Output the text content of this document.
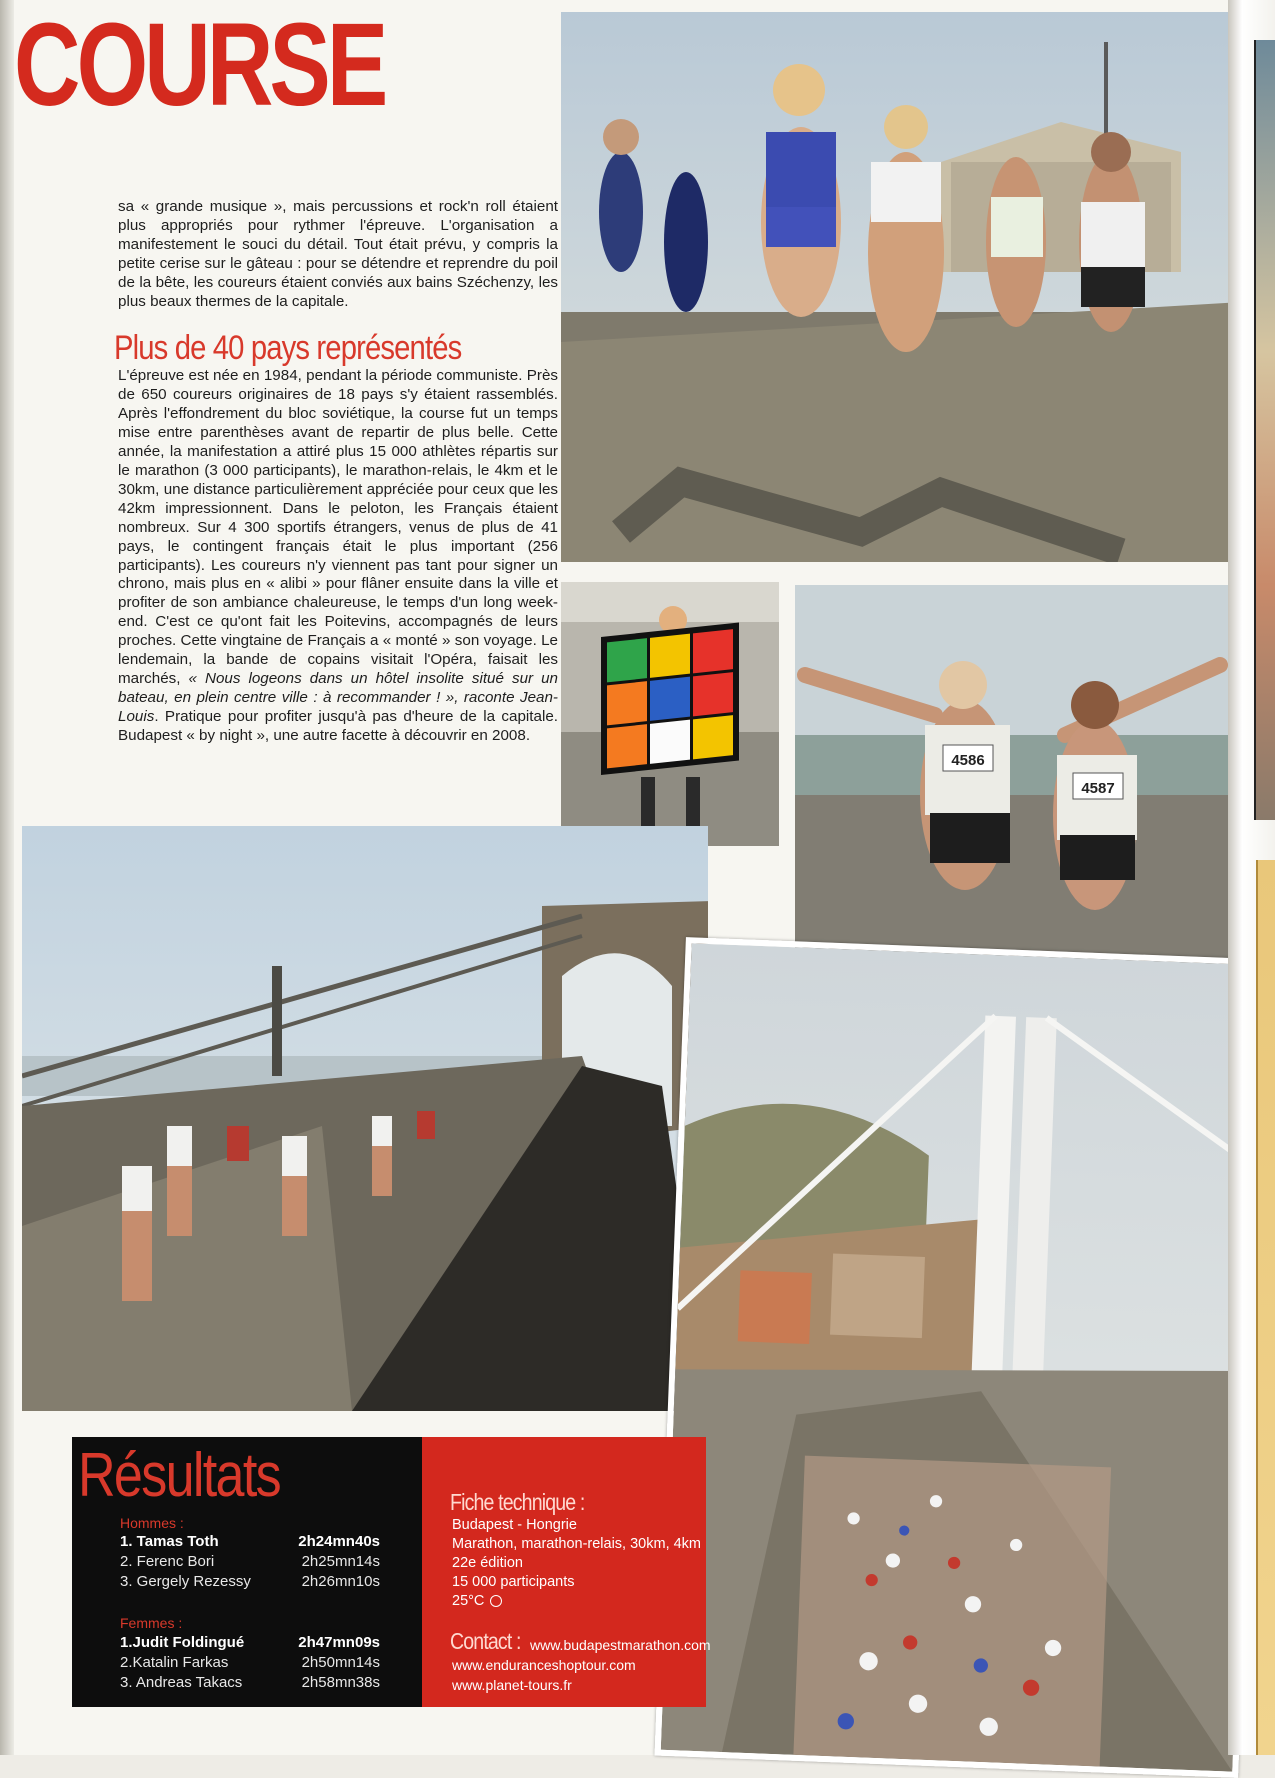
COURSE
4586
4587

sa « grande musique », mais percussions et rock'n roll étaient plus appropriés pour rythmer l'épreuve. L'organisation a manifestement le souci du détail. Tout était prévu, y compris la petite cerise sur le gâteau : pour se détendre et reprendre du poil de la bête, les coureurs étaient conviés aux bains Széchenzy, les plus beaux thermes de la capitale.

Plus de 40 pays représentés

L'épreuve est née en 1984, pendant la période communiste. Près de 650 coureurs originaires de 18 pays s'y étaient rassemblés. Après l'effondrement du bloc soviétique, la course fut un temps mise entre parenthèses avant de repartir de plus belle. Cette année, la manifestation a attiré plus 15 000 athlètes répartis sur le marathon (3 000 participants), le marathon-relais, le 4km et le 30km, une distance particulièrement appréciée pour ceux que les 42km impressionnent. Dans le peloton, les Français étaient nombreux. Sur 4 300 sportifs étrangers, venus de plus de 41 pays, le contingent français était le plus important (256 participants). Les coureurs n'y viennent pas tant pour signer un chrono, mais plus en « alibi » pour flâner ensuite dans la ville et profiter de son ambiance chaleureuse, le temps d'un long week-end. C'est ce qu'ont fait les Poitevins, accompagnés de leurs proches. Cette vingtaine de Français a « monté » son voyage. Le lendemain, la bande de copains visitait l'Opéra, faisait les marchés, « Nous logeons dans un hôtel insolite situé sur un bateau, en plein centre ville : à recommander ! », raconte Jean-Louis. Pratique pour profiter jusqu'à pas d'heure de la capitale. Budapest « by night », une autre facette à découvrir en 2008.

Résultats
Hommes :
1. Tamas Toth	2h24mn40s
2. Ferenc Bori	2h25mn14s
3. Gergely Rezessy	2h26mn10s
Femmes :
1.Judit Foldingué	2h47mn09s
2.Katalin Farkas	2h50mn14s
3. Andreas Takacs	2h58mn38s
Fiche technique :
Budapest - Hongrie
Marathon, marathon-relais, 30km, 4km
22e édition
15 000 participants
25°C
Contact : www.budapestmarathon.com
www.enduranceshoptour.com
www.planet-tours.fr
